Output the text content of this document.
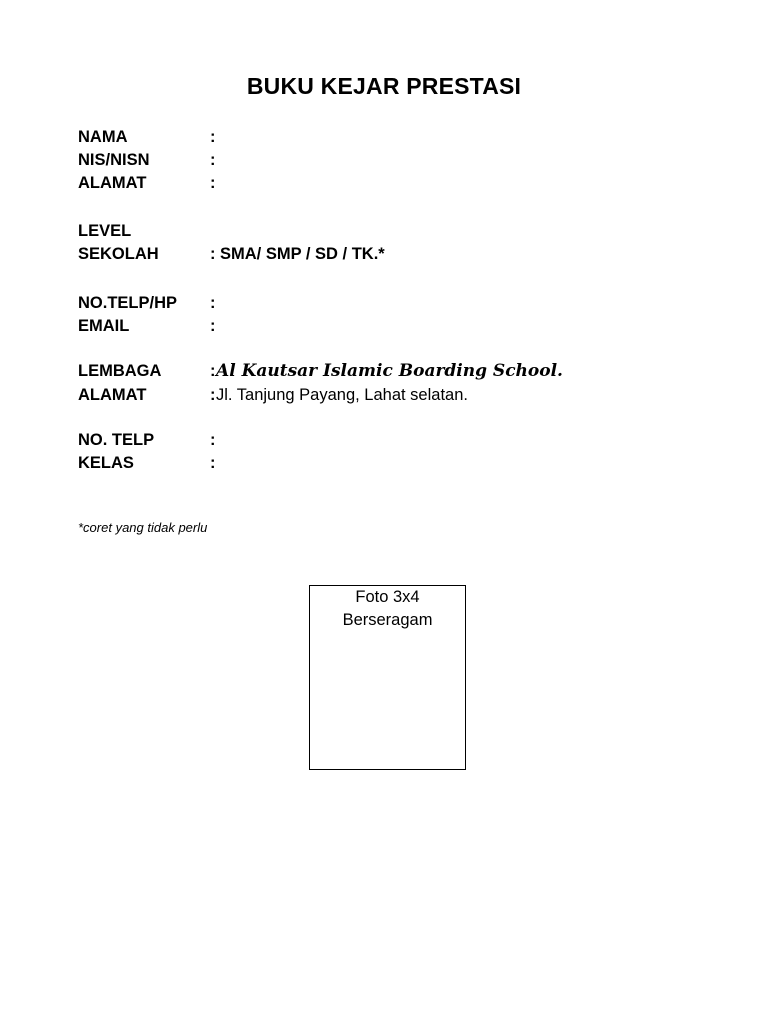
BUKU KEJAR PRESTASI
NAMA	:
NIS/NISN	:
ALAMAT	:
LEVEL
SEKOLAH	: SMA/ SMP / SD / TK.*
NO.TELP/HP :
EMAIL	:
LEMBAGA	: Al Kautsar Islamic Boarding School.
ALAMAT	: Jl. Tanjung Payang, Lahat selatan.
NO. TELP	:
KELAS	:
*coret yang tidak perlu
Foto 3x4
Berseragam
